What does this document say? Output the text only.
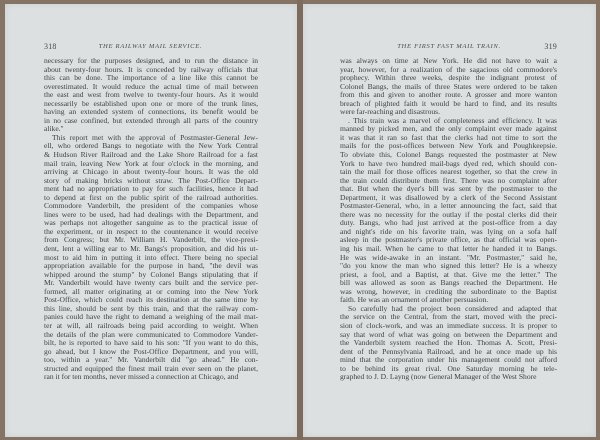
318	THE RAILWAY MAIL SERVICE.
necessary for the purposes designed, and to run the distance in
about twenty-four hours. It is conceded by railway officials that
this can be done. The importance of a line like this cannot be
overestimated. It would reduce the actual time of mail between
the east and west from twelve to twenty-four hours. As it would
necessarily be established upon one or more of the trunk lines,
having an extended system of connections, its benefit would be
in no case confined, but extended through all parts of the country
alike."
This report met with the approval of Postmaster-General Jew-
ell, who ordered Bangs to negotiate with the New York Central
& Hudson River Railroad and the Lake Shore Railroad for a fast
mail train, leaving New York at four o'clock in the morning, and
arriving at Chicago in about twenty-four hours. It was the old
story of making bricks without straw. The Post-Office Depart-
ment had no appropriation to pay for such facilities, hence it had
to depend at first on the public spirit of the railroad authorities.
Commodore Vanderbilt, the president of the companies whose
lines were to be used, had had dealings with the Department, and
was perhaps not altogether sanguine as to the practical issue of
the experiment, or in respect to the countenance it would receive
from Congress; but Mr. William H. Vanderbilt, the vice-presi-
dent, lent a willing ear to Mr. Bangs's proposition, and did his ut-
most to aid him in putting it into effect. There being no special
appropriation available for the purpose in hand, "the devil was
whipped around the stump" by Colonel Bangs stipulating that if
Mr. Vanderbilt would have twenty cars built and the service per-
formed, all matter originating at or coming into the New York
Post-Office, which could reach its destination at the same time by
this line, should be sent by this train, and that the railway com-
panies could have the right to demand a weighing of the mail mat-
ter at will, all railroads being paid according to weight. When
the details of the plan were communicated to Commodore Vander-
bilt, he is reported to have said to his son: "If you want to do this,
go ahead, but I know the Post-Office Department, and you will,
too, within a year." Mr. Vanderbilt did "go ahead." He con-
structed and equipped the finest mail train ever seen on the planet,
ran it for ten months, never missed a connection at Chicago, and
THE FIRST FAST MAIL TRAIN.	319
was always on time at New York. He did not have to wait a
year, however, for a realization of the sagacious old commodore's
prophecy. Within three weeks, despite the indignant protest of
Colonel Bangs, the mails of three States were ordered to be taken
from this and given to another route. A grosser and more wanton
breach of plighted faith it would be hard to find, and its results
were far-reaching and disastrous.
. This train was a marvel of completeness and efficiency. It was
manned by picked men, and the only complaint ever made against
it was that it ran so fast that the clerks had not time to sort the
mails for the post-offices between New York and Poughkeepsie.
To obviate this, Colonel Bangs requested the postmaster at New
York to have two hundred mail-bags dyed red, which should con-
tain the mail for those offices nearest together, so that the crew in
the train could distribute them first. There was no complaint after
that. But when the dyer's bill was sent by the postmaster to the
Department, it was disallowed by a clerk of the Second Assistant
Postmaster-General, who, in a letter announcing the fact, said that
there was no necessity for the outlay if the postal clerks did their
duty. Bangs, who had just arrived at the post-office from a day
and night's ride on his favorite train, was lying on a sofa half
asleep in the postmaster's private office, as that official was open-
ing his mail. When he came to that letter he handed it to Bangs.
He was wide-awake in an instant. "Mr. Postmaster," said he,
"do you know the man who signed this letter? He is a wheezy
priest, a fool, and a Baptist, at that. Give me the letter." The
bill was allowed as soon as Bangs reached the Department. He
was wrong, however, in crediting the subordinate to the Baptist
faith. He was an ornament of another persuasion.
So carefully had the project been considered and adapted that
the service on the Central, from the start, moved with the preci-
sion of clock-work, and was an immediate success. It is proper to
say that word of what was going on between the Department and
the Vanderbilt system reached the Hon. Thomas A. Scott, Presi-
dent of the Pennsylvania Railroad, and he at once made up his
mind that the corporation under his management could not afford
to be behind its great rival. One Saturday morning he tele-
graphed to J. D. Layng (now General Manager of the West Shore
